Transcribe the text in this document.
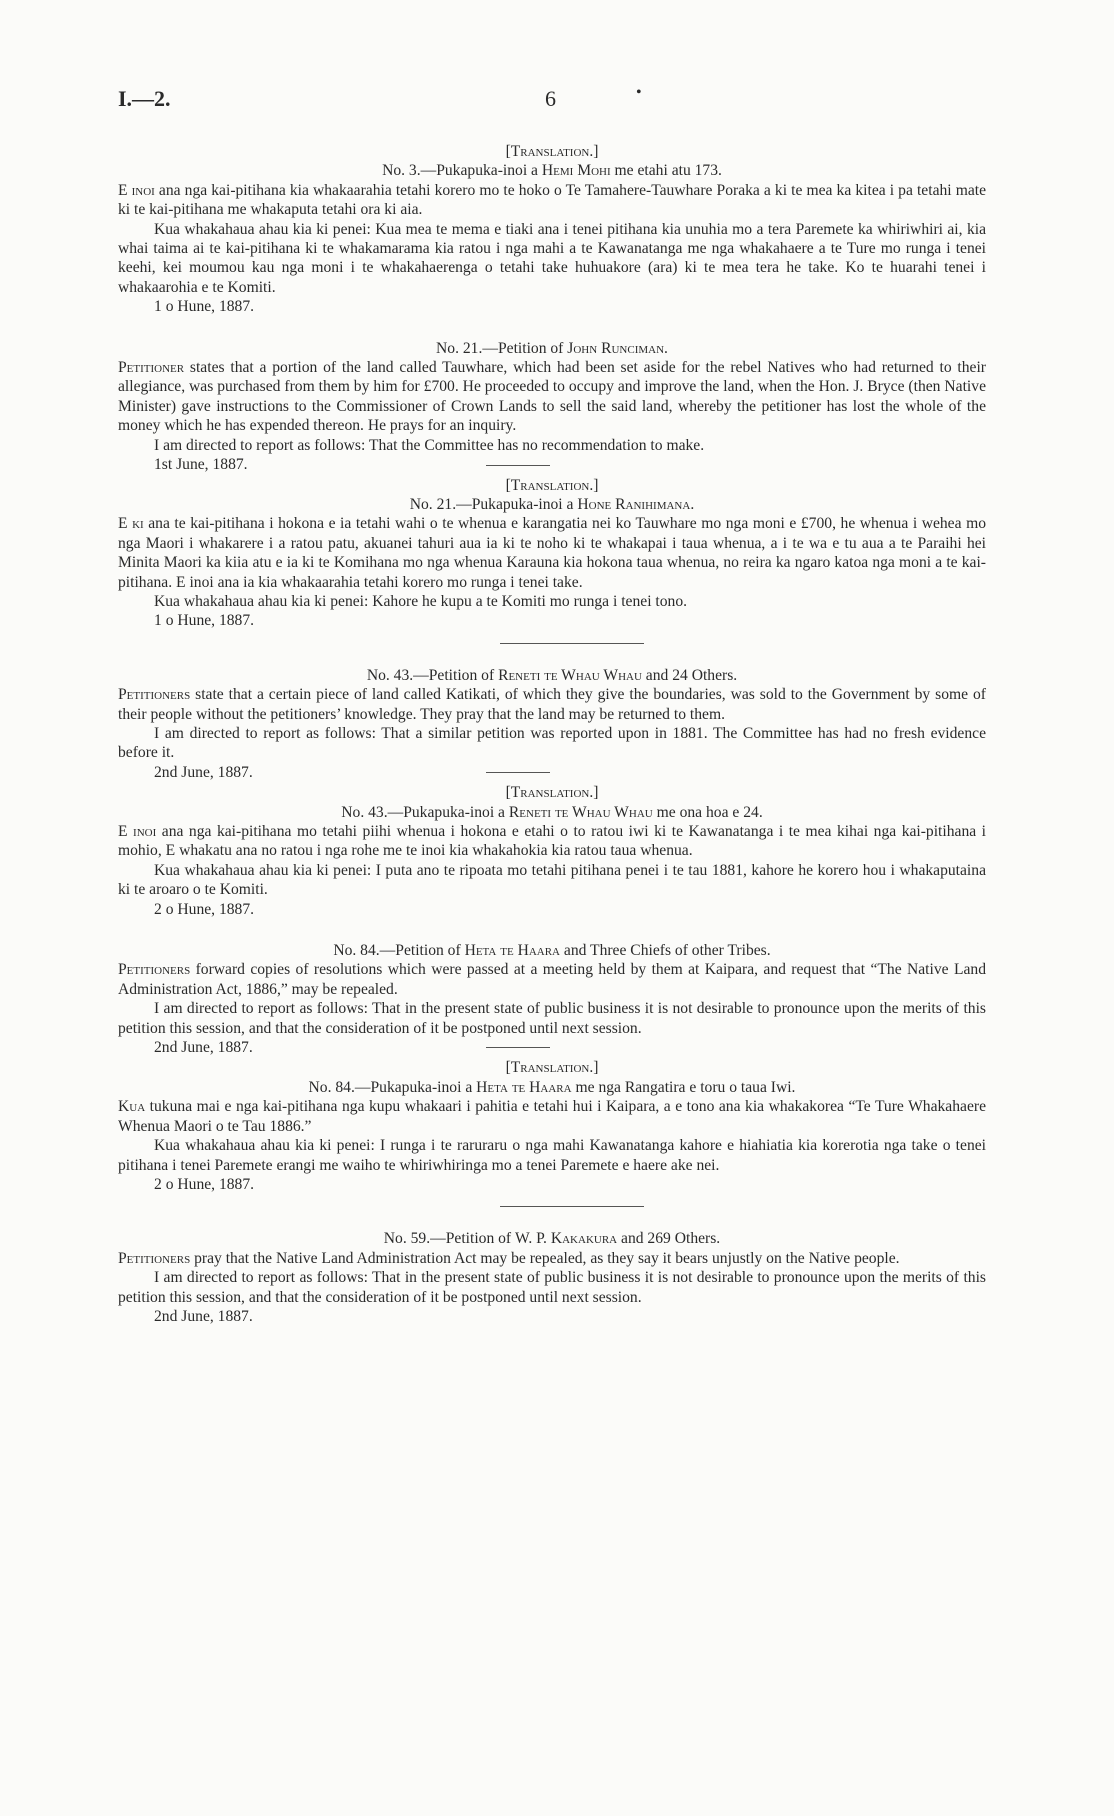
I.—2.	6	•
[Translation.]
No. 3.—Pukapuka-inoi a Hemi Mohi me etahi atu 173.

E inoi ana nga kai-pitihana kia whakaarahia tetahi korero mo te hoko o Te Tamahere-Tauwhare Poraka a ki te mea ka kitea i pa tetahi mate ki te kai-pitihana me whakaputa tetahi ora ki aia.

Kua whakahaua ahau kia ki penei: Kua mea te mema e tiaki ana i tenei pitihana kia unuhia mo a tera Paremete ka whiriwhiri ai, kia whai taima ai te kai-pitihana ki te whakamarama kia ratou i nga mahi a te Kawanatanga me nga whakahaere a te Ture mo runga i tenei keehi, kei moumou kau nga moni i te whakahaerenga o tetahi take huhuakore (ara) ki te mea tera he take. Ko te huarahi tenei i whakaarohia e te Komiti.

1 o Hune, 1887.
No. 21.—Petition of John Runciman.

Petitioner states that a portion of the land called Tauwhare, which had been set aside for the rebel Natives who had returned to their allegiance, was purchased from them by him for £700. He proceeded to occupy and improve the land, when the Hon. J. Bryce (then Native Minister) gave instructions to the Commissioner of Crown Lands to sell the said land, whereby the petitioner has lost the whole of the money which he has expended thereon. He prays for an inquiry.

I am directed to report as follows: That the Committee has no recommendation to make.

1st June, 1887.
[Translation.]
No. 21.—Pukapuka-inoi a Hone Ranihimana.

E ki ana te kai-pitihana i hokona e ia tetahi wahi o te whenua e karangatia nei ko Tauwhare mo nga moni e £700, he whenua i wehea mo nga Maori i whakarere i a ratou patu, akuanei tahuri aua ia ki te noho ki te whakapai i taua whenua, a i te wa e tu aua a te Paraihi hei Minita Maori ka kiia atu e ia ki te Komihana mo nga whenua Karauna kia hokona taua whenua, no reira ka ngaro katoa nga moni a te kai-pitihana. E inoi ana ia kia whakaarahia tetahi korero mo runga i tenei take.

Kua whakahaua ahau kia ki penei: Kahore he kupu a te Komiti mo runga i tenei tono.

1 o Hune, 1887.
No. 43.—Petition of Reneti te Whau Whau and 24 Others.

Petitioners state that a certain piece of land called Katikati, of which they give the boundaries, was sold to the Government by some of their people without the petitioners’ knowledge. They pray that the land may be returned to them.

I am directed to report as follows: That a similar petition was reported upon in 1881. The Committee has had no fresh evidence before it.

2nd June, 1887.
[Translation.]
No. 43.—Pukapuka-inoi a Reneti te Whau Whau me ona hoa e 24.

E inoi ana nga kai-pitihana mo tetahi piihi whenua i hokona e etahi o to ratou iwi ki te Kawanatanga i te mea kihai nga kai-pitihana i mohio, E whakatu ana no ratou i nga rohe me te inoi kia whakahokia kia ratou taua whenua.

Kua whakahaua ahau kia ki penei: I puta ano te ripoata mo tetahi pitihana penei i te tau 1881, kahore he korero hou i whakaputaina ki te aroaro o te Komiti.

2 o Hune, 1887.
No. 84.—Petition of Heta te Haara and Three Chiefs of other Tribes.

Petitioners forward copies of resolutions which were passed at a meeting held by them at Kaipara, and request that “The Native Land Administration Act, 1886,” may be repealed.

I am directed to report as follows: That in the present state of public business it is not desirable to pronounce upon the merits of this petition this session, and that the consideration of it be postponed until next session.

2nd June, 1887.
[Translation.]
No. 84.—Pukapuka-inoi a Heta te Haara me nga Rangatira e toru o taua Iwi.

Kua tukuna mai e nga kai-pitihana nga kupu whakaari i pahitia e tetahi hui i Kaipara, a e tono ana kia whakakorea “Te Ture Whakahaere Whenua Maori o te Tau 1886.”

Kua whakahaua ahau kia ki penei: I runga i te raruraru o nga mahi Kawanatanga kahore e hiahiatia kia korerotia nga take o tenei pitihana i tenei Paremete erangi me waiho te whiriwhiringa mo a tenei Paremete e haere ake nei.

2 o Hune, 1887.
No. 59.—Petition of W. P. Kakakura and 269 Others.

Petitioners pray that the Native Land Administration Act may be repealed, as they say it bears unjustly on the Native people.

I am directed to report as follows: That in the present state of public business it is not desirable to pronounce upon the merits of this petition this session, and that the consideration of it be postponed until next session.

2nd June, 1887.
